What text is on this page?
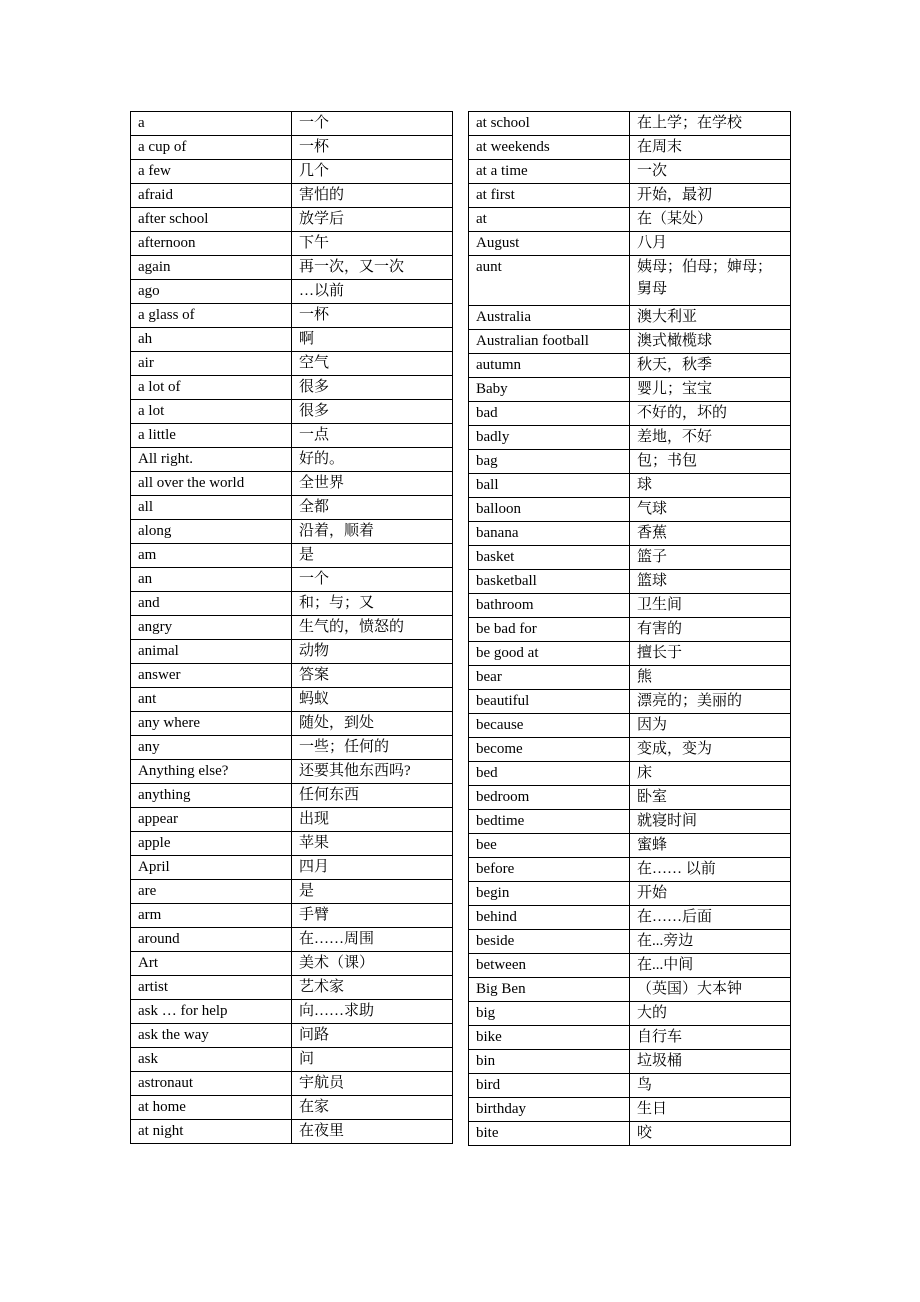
a	一个
a cup of	一杯
a few	几个
afraid	害怕的
after school	放学后
afternoon	下午
again	再一次，又一次
ago	…以前
a glass of	一杯
ah	啊
air	空气
a lot of	很多
a lot	很多
a little	一点
All right.	好的。
all over the world	全世界
all	全都
along	沿着，顺着
am	是
an	一个
and	和；与；又
angry	生气的，愤怒的
animal	动物
answer	答案
ant	蚂蚁
any where	随处，到处
any	一些；任何的
Anything else?	还要其他东西吗?
anything	任何东西
appear	出现
apple	苹果
April	四月
are	是
arm	手臂
around	在……周围
Art	美术（课）
artist	艺术家
ask … for help	向……求助
ask the way	问路
ask	问
astronaut	宇航员
at home	在家
at night	在夜里
at school	在上学；在学校
at weekends	在周末
at a time	一次
at first	开始，最初
at	在（某处）
August	八月
aunt	姨母；伯母；婶母；舅母
Australia	澳大利亚
Australian football	澳式橄榄球
autumn	秋天，秋季
Baby	婴儿；宝宝
bad	不好的，坏的
badly	差地，不好
bag	包；书包
ball	球
balloon	气球
banana	香蕉
basket	篮子
basketball	篮球
bathroom	卫生间
be bad for	有害的
be good at	擅长于
bear	熊
beautiful	漂亮的；美丽的
because	因为
become	变成，变为
bed	床
bedroom	卧室
bedtime	就寝时间
bee	蜜蜂
before	在…… 以前
begin	开始
behind	在……后面
beside	在...旁边
between	在...中间
Big Ben	（英国）大本钟
big	大的
bike	自行车
bin	垃圾桶
bird	鸟
birthday	生日
bite	咬
